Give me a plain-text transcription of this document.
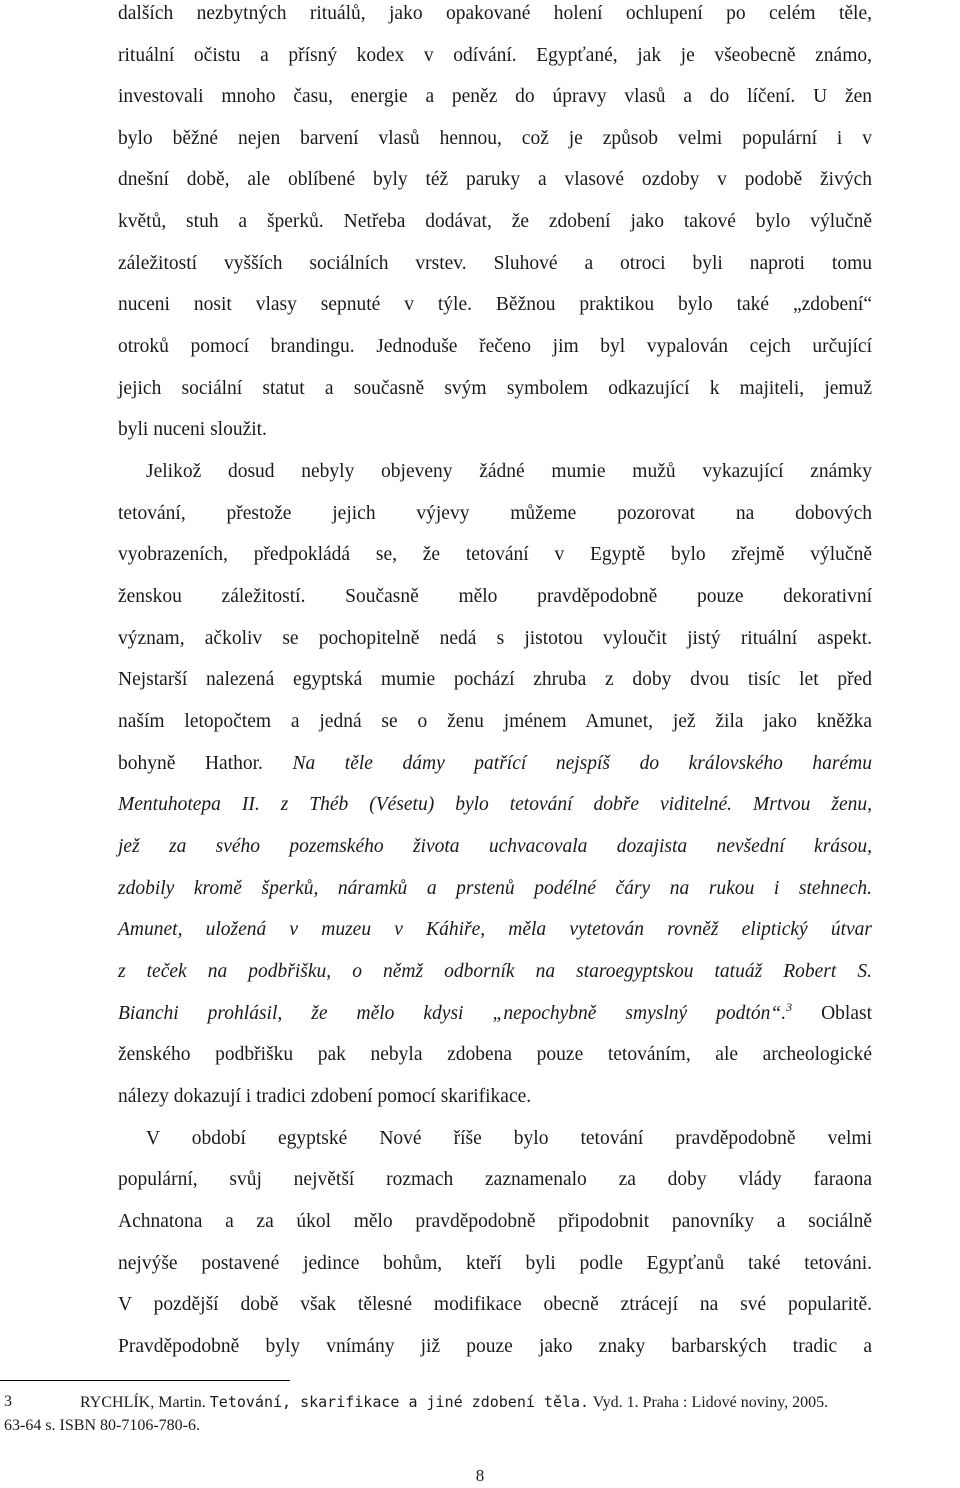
dalších nezbytných rituálů, jako opakované holení ochlupení po celém těle,
rituální očistu a přísný kodex v odívání. Egypťané, jak je všeobecně známo,
investovali mnoho času, energie a peněz do úpravy vlasů a do líčení. U žen
bylo běžné nejen barvení vlasů hennou, což je způsob velmi populární i v
dnešní době, ale oblíbené byly též paruky a vlasové ozdoby v podobě živých
květů, stuh a šperků. Netřeba dodávat, že zdobení jako takové bylo výlučně
záležitostí vyšších sociálních vrstev. Sluhové a otroci byli naproti tomu
nuceni nosit vlasy sepnuté v týle. Běžnou praktikou bylo také „zdobení“
otroků pomocí brandingu. Jednoduše řečeno jim byl vypalován cejch určující
jejich sociální statut a současně svým symbolem odkazující k majiteli, jemuž
byli nuceni sloužit.
Jelikož dosud nebyly objeveny žádné mumie mužů vykazující známky
tetování, přestože jejich výjevy můžeme pozorovat na dobových
vyobrazeních, předpokládá se, že tetování v Egyptě bylo zřejmě výlučně
ženskou záležitostí. Současně mělo pravděpodobně pouze dekorativní
význam, ačkoliv se pochopitelně nedá s jistotou vyloučit jistý rituální aspekt.
Nejstarší nalezená egyptská mumie pochází zhruba z doby dvou tisíc let před
naším letopočtem a jedná se o ženu jménem Amunet, jež žila jako kněžka
bohyně Hathor. Na těle dámy patřící nejspíš do královského harému
Mentuhotepa II. z Théb (Vésetu) bylo tetování dobře viditelné. Mrtvou ženu,
jež za svého pozemského života uchvacovala dozajista nevšední krásou,
zdobily kromě šperků, náramků a prstenů podélné čáry na rukou i stehnech.
Amunet, uložená v muzeu v Káhiře, měla vytetován rovněž eliptický útvar
z teček na podbřišku, o němž odborník na staroegyptskou tatuáž Robert S.
Bianchi prohlásil, že mělo kdysi „nepochybně smyslný podtón“.$^3$ Oblast
ženského podbřišku pak nebyla zdobena pouze tetováním, ale archeologické
nálezy dokazují i tradici zdobení pomocí skarifikace.
V období egyptské Nové říše bylo tetování pravděpodobně velmi
populární, svůj největší rozmach zaznamenalo za doby vlády faraona
Achnatona a za úkol mělo pravděpodobně připodobnit panovníky a sociálně
nejvýše postavené jedince bohům, kteří byli podle Egypťanů také tetováni.
V pozdější době však tělesné modifikace obecně ztrácejí na své popularitě.
Pravděpodobně byly vnímány již pouze jako znaky barbarských tradic a
3	RYCHLÍK, Martin. Tetování, skarifikace a jiné zdobení těla. Vyd. 1. Praha : Lidové noviny, 2005.
63-64 s. ISBN 80-7106-780-6.
8
